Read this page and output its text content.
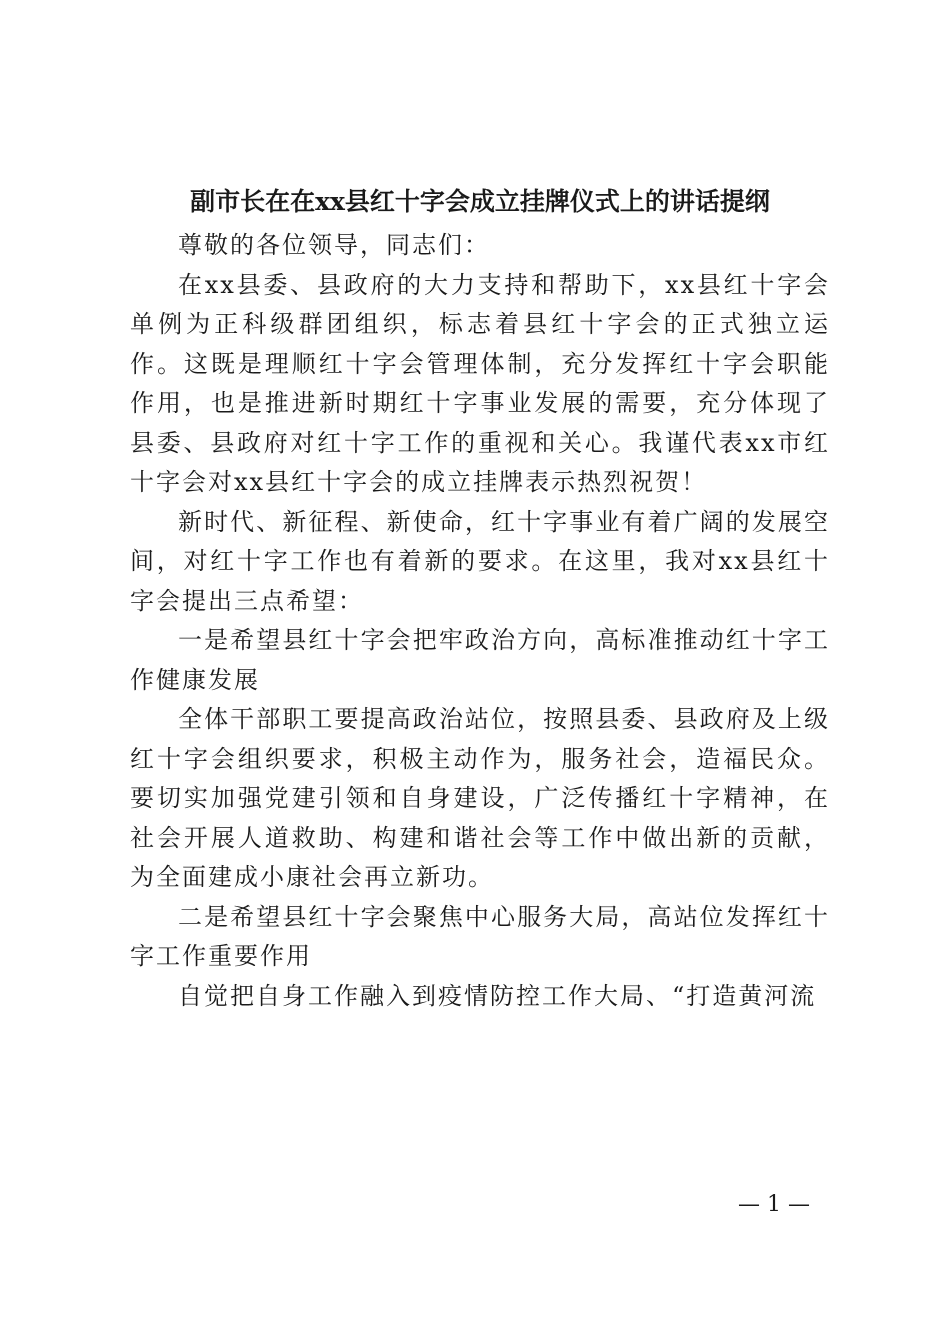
副市长在在xx县红十字会成立挂牌仪式上的讲话提纲

尊敬的各位领导，同志们：

在xx县委、县政府的大力支持和帮助下，xx县红十字会单例为正科级群团组织，标志着县红十字会的正式独立运作。这既是理顺红十字会管理体制，充分发挥红十字会职能作用，也是推进新时期红十字事业发展的需要，充分体现了县委、县政府对红十字工作的重视和关心。我谨代表xx市红十字会对xx县红十字会的成立挂牌表示热烈祝贺！

新时代、新征程、新使命，红十字事业有着广阔的发展空间，对红十字工作也有着新的要求。在这里，我对xx县红十字会提出三点希望：

一是希望县红十字会把牢政治方向，高标准推动红十字工作健康发展

全体干部职工要提高政治站位，按照县委、县政府及上级红十字会组织要求，积极主动作为，服务社会，造福民众。要切实加强党建引领和自身建设，广泛传播红十字精神，在社会开展人道救助、构建和谐社会等工作中做出新的贡献，为全面建成小康社会再立新功。

二是希望县红十字会聚焦中心服务大局，高站位发挥红十字工作重要作用

自觉把自身工作融入到疫情防控工作大局、“打造黄河流

— 1 —
